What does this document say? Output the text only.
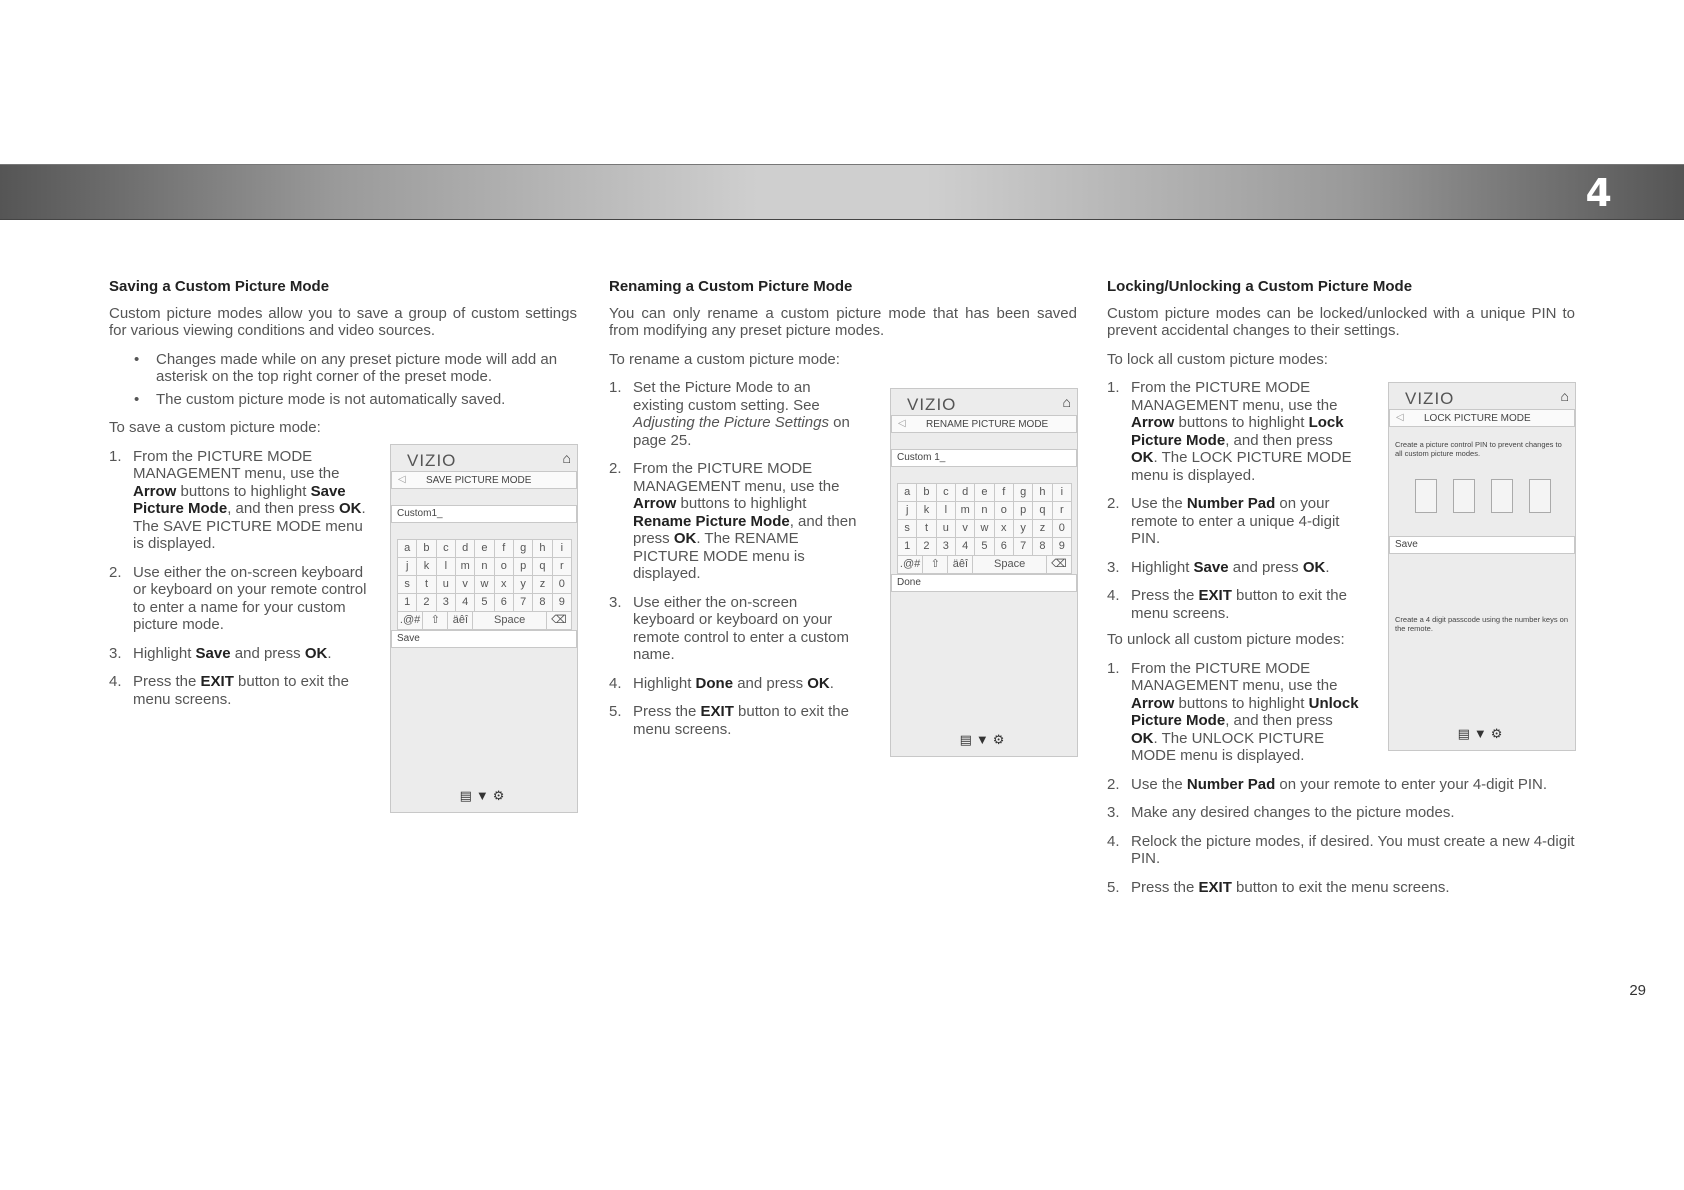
4
Saving a Custom Picture Mode

Custom picture modes allow you to save a group of custom settings for various viewing conditions and video sources.

• Changes made while on any preset picture mode will add an asterisk on the top right corner of the preset mode.
• The custom picture mode is not automatically saved.

To save a custom picture mode:

1. From the PICTURE MODE MANAGEMENT menu, use the Arrow buttons to highlight Save Picture Mode, and then press OK. The SAVE PICTURE MODE menu is displayed.
2. Use either the on-screen keyboard or keyboard on your remote control to enter a name for your custom picture mode.
3. Highlight Save and press OK.
4. Press the EXIT button to exit the menu screens.
Renaming a Custom Picture Mode

You can only rename a custom picture mode that has been saved from modifying any preset picture modes.

To rename a custom picture mode:

1. Set the Picture Mode to an existing custom setting. See Adjusting the Picture Settings on page 25.
2. From the PICTURE MODE MANAGEMENT menu, use the Arrow buttons to highlight Rename Picture Mode, and then press OK. The RENAME PICTURE MODE menu is displayed.
3. Use either the on-screen keyboard or keyboard on your remote control to enter a custom name.
4. Highlight Done and press OK.
5. Press the EXIT button to exit the menu screens.
Locking/Unlocking a Custom Picture Mode

Custom picture modes can be locked/unlocked with a unique PIN to prevent accidental changes to their settings.

To lock all custom picture modes:

1. From the PICTURE MODE MANAGEMENT menu, use the Arrow buttons to highlight Lock Picture Mode, and then press OK. The LOCK PICTURE MODE menu is displayed.
2. Use the Number Pad on your remote to enter a unique 4-digit PIN.
3. Highlight Save and press OK.
4. Press the EXIT button to exit the menu screens.

To unlock all custom picture modes:

1. From the PICTURE MODE MANAGEMENT menu, use the Arrow buttons to highlight Unlock Picture Mode, and then press OK. The UNLOCK PICTURE MODE menu is displayed.
2. Use the Number Pad on your remote to enter your 4-digit PIN.
3. Make any desired changes to the picture modes.
4. Relock the picture modes, if desired. You must create a new 4-digit PIN.
5. Press the EXIT button to exit the menu screens.
VIZIO	⌂
◁ SAVE PICTURE MODE
Custom1_
a	b	c	d	e	f	g	h	i
j	k	l	m	n	o	p	q	r
s	t	u	v	w	x	y	z	0
1	2	3	4	5	6	7	8	9
.@# ⇧	äêî	Space	⌫
Save
▤▼⚙
VIZIO	⌂
◁ RENAME PICTURE MODE
Custom 1_
a	b	c	d	e	f	g	h	i
j	k	l	m	n	o	p	q	r
s	t	u	v	w	x	y	z	0
1	2	3	4	5	6	7	8	9
.@# ⇧	äêî	Space	⌫
Done
▤▼⚙
VIZIO	⌂
◁ LOCK PICTURE MODE
Create a picture control PIN to prevent changes to all custom picture modes.
Save
Create a 4 digit passcode using the number keys on the remote.
▤▼⚙
29
